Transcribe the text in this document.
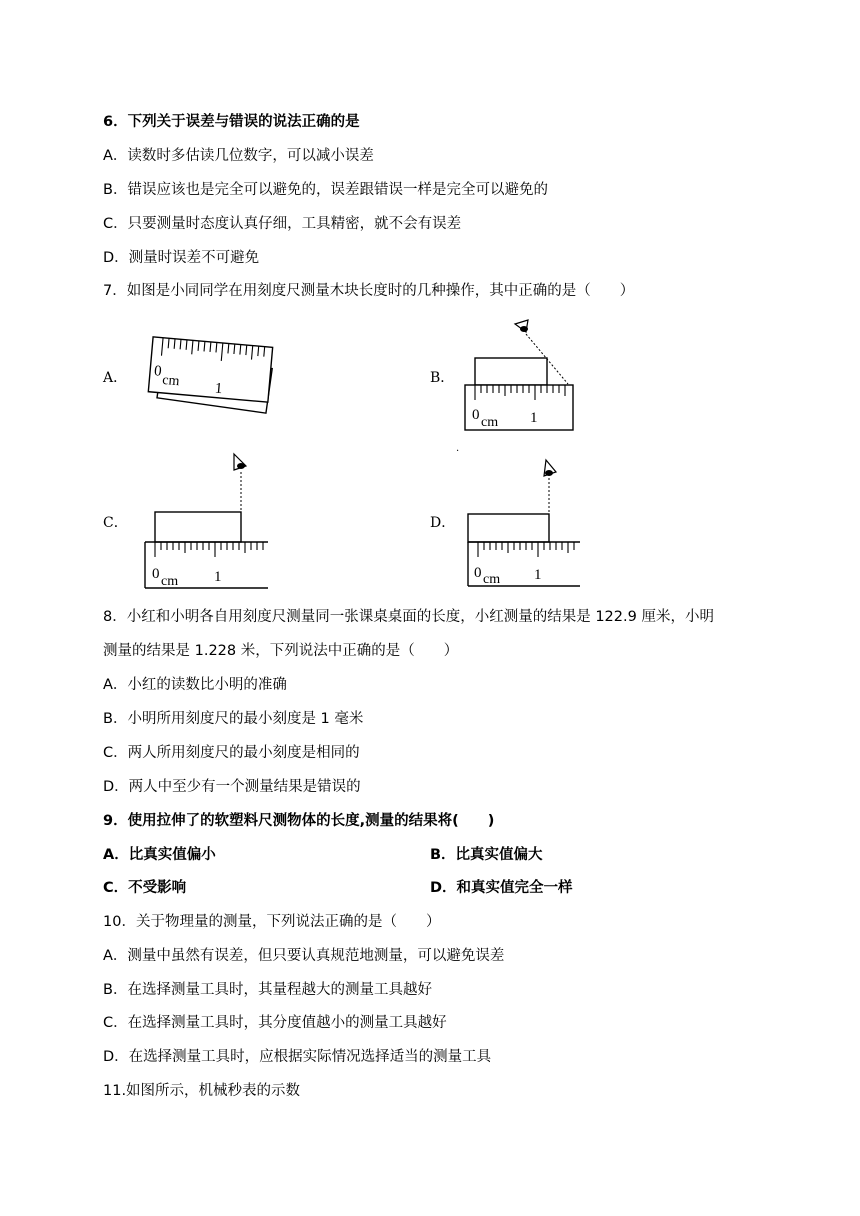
6．下列关于误差与错误的说法正确的是
A．读数时多估读几位数字，可以减小误差
B．错误应该也是完全可以避免的，误差跟错误一样是完全可以避免的
C．只要测量时态度认真仔细，工具精密，就不会有误差
D．测量时误差不可避免
7．如图是小同同学在用刻度尺测量木块长度时的几种操作，其中正确的是（　　）
A． 0
cm 1
B．
0 cm 1
.
C．
0 cm 1
D．
0 cm 1
8．小红和小明各自用刻度尺测量同一张课桌桌面的长度，小红测量的结果是 122.9 厘米，小明
测量的结果是 1.228 米，下列说法中正确的是（　　）
A．小红的读数比小明的准确
B．小明所用刻度尺的最小刻度是 1 毫米
C．两人所用刻度尺的最小刻度是相同的
D．两人中至少有一个测量结果是错误的
9．使用拉伸了的软塑料尺测物体的长度,测量的结果将(　　)
A．比真实值偏小	B．比真实值偏大
C．不受影响	D．和真实值完全一样
10．关于物理量的测量，下列说法正确的是（　　）
A．测量中虽然有误差，但只要认真规范地测量，可以避免误差
B．在选择测量工具时，其量程越大的测量工具越好
C．在选择测量工具时，其分度值越小的测量工具越好
D．在选择测量工具时，应根据实际情况选择适当的测量工具
11.如图所示，机械秒表的示数
